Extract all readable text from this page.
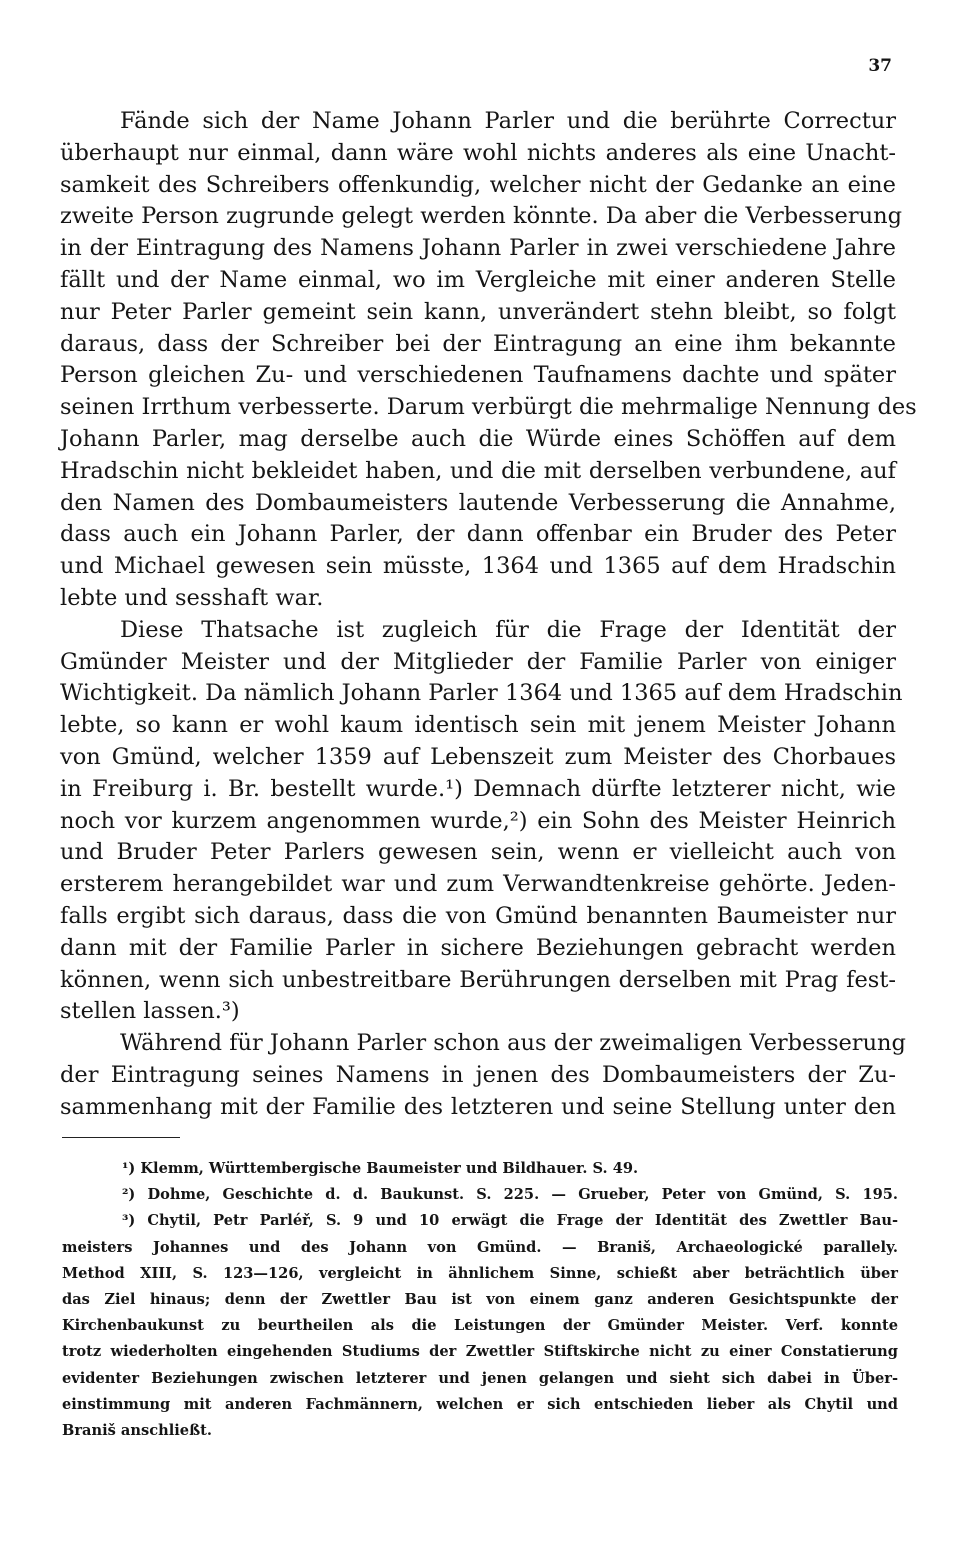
37
Fände sich der Name Johann Parler und die berührte Correctur
überhaupt nur einmal, dann wäre wohl nichts anderes als eine Unacht-
samkeit des Schreibers offenkundig, welcher nicht der Gedanke an eine
zweite Person zugrunde gelegt werden könnte. Da aber die Verbesserung
in der Eintragung des Namens Johann Parler in zwei verschiedene Jahre
fällt und der Name einmal, wo im Vergleiche mit einer anderen Stelle
nur Peter Parler gemeint sein kann, unverändert stehn bleibt, so folgt
daraus, dass der Schreiber bei der Eintragung an eine ihm bekannte
Person gleichen Zu- und verschiedenen Taufnamens dachte und später
seinen Irrthum verbesserte. Darum verbürgt die mehrmalige Nennung des
Johann Parler, mag derselbe auch die Würde eines Schöffen auf dem
Hradschin nicht bekleidet haben, und die mit derselben verbundene, auf
den Namen des Dombaumeisters lautende Verbesserung die Annahme,
dass auch ein Johann Parler, der dann offenbar ein Bruder des Peter
und Michael gewesen sein müsste, 1364 und 1365 auf dem Hradschin
lebte und sesshaft war.
Diese Thatsache ist zugleich für die Frage der Identität der
Gmünder Meister und der Mitglieder der Familie Parler von einiger
Wichtigkeit. Da nämlich Johann Parler 1364 und 1365 auf dem Hradschin
lebte, so kann er wohl kaum identisch sein mit jenem Meister Johann
von Gmünd, welcher 1359 auf Lebenszeit zum Meister des Chorbaues
in Freiburg i. Br. bestellt wurde.¹) Demnach dürfte letzterer nicht, wie
noch vor kurzem angenommen wurde,²) ein Sohn des Meister Heinrich
und Bruder Peter Parlers gewesen sein, wenn er vielleicht auch von
ersterem herangebildet war und zum Verwandtenkreise gehörte. Jeden-
falls ergibt sich daraus, dass die von Gmünd benannten Baumeister nur
dann mit der Familie Parler in sichere Beziehungen gebracht werden
können, wenn sich unbestreitbare Berührungen derselben mit Prag fest-
stellen lassen.³)
Während für Johann Parler schon aus der zweimaligen Verbesserung
der Eintragung seines Namens in jenen des Dombaumeisters der Zu-
sammenhang mit der Familie des letzteren und seine Stellung unter den
¹) Klemm, Württembergische Baumeister und Bildhauer. S. 49.
²) Dohme, Geschichte d. d. Baukunst. S. 225. — Grueber, Peter von Gmünd, S. 195.
³) Chytil, Petr Parléř, S. 9 und 10 erwägt die Frage der Identität des Zwettler Bau-
meisters Johannes und des Johann von Gmünd. — Braniš, Archaeologické parallely.
Method XIII, S. 123—126, vergleicht in ähnlichem Sinne, schießt aber beträchtlich über
das Ziel hinaus; denn der Zwettler Bau ist von einem ganz anderen Gesichtspunkte der
Kirchenbaukunst zu beurtheilen als die Leistungen der Gmünder Meister. Verf. konnte
trotz wiederholten eingehenden Studiums der Zwettler Stiftskirche nicht zu einer Constatierung
evidenter Beziehungen zwischen letzterer und jenen gelangen und sieht sich dabei in Über-
einstimmung mit anderen Fachmännern, welchen er sich entschieden lieber als Chytil und
Braniš anschließt.
